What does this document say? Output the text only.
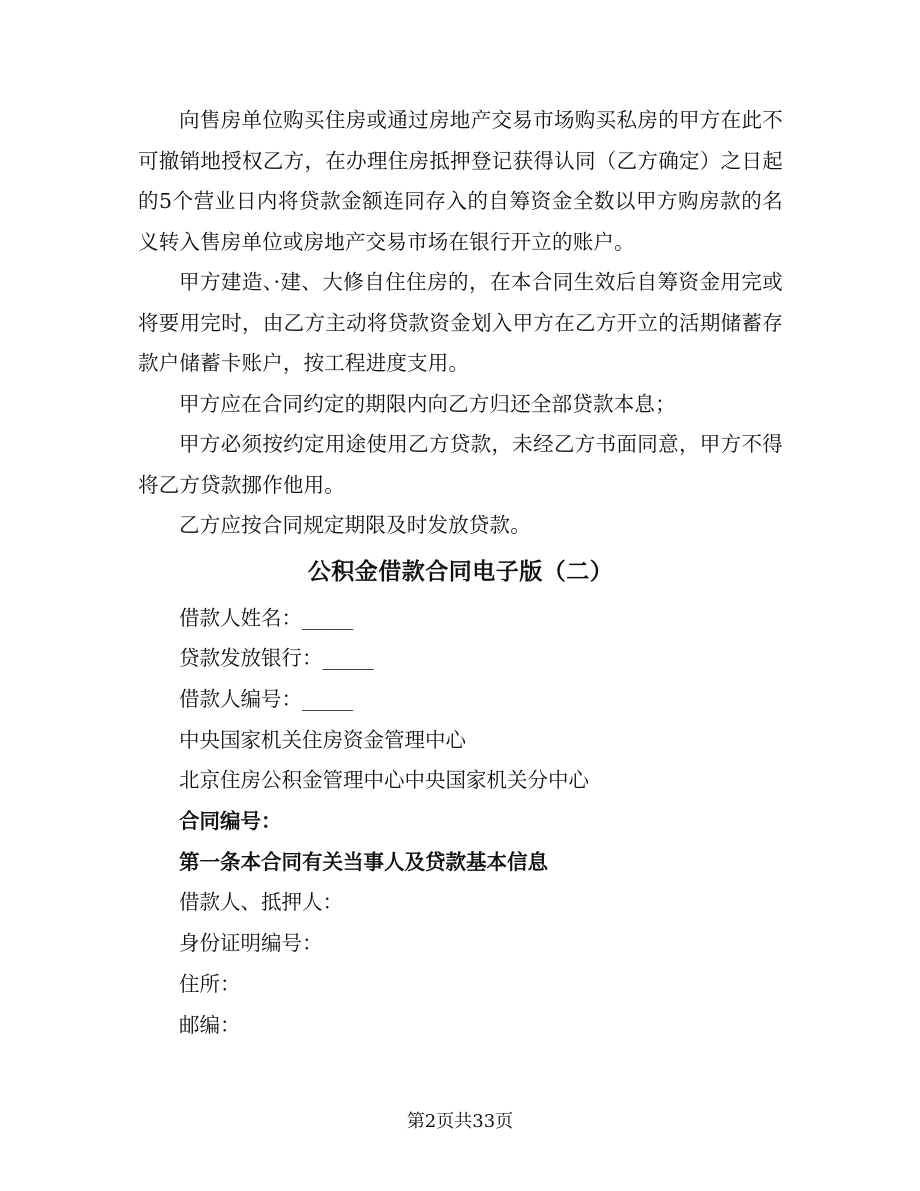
向售房单位购买住房或通过房地产交易市场购买私房的甲方在此不可撤销地授权乙方，在办理住房抵押登记获得认同（乙方确定）之日起的5个营业日内将贷款金额连同存入的自筹资金全数以甲方购房款的名义转入售房单位或房地产交易市场在银行开立的账户。

甲方建造、·建、大修自住住房的，在本合同生效后自筹资金用完或将要用完时，由乙方主动将贷款资金划入甲方在乙方开立的活期储蓄存款户储蓄卡账户，按工程进度支用。

甲方应在合同约定的期限内向乙方归还全部贷款本息；

甲方必须按约定用途使用乙方贷款，未经乙方书面同意，甲方不得将乙方贷款挪作他用。

乙方应按合同规定期限及时发放贷款。

公积金借款合同电子版（二）

借款人姓名：_____

贷款发放银行：_____

借款人编号：_____

中央国家机关住房资金管理中心

北京住房公积金管理中心中央国家机关分中心

合同编号：

第一条本合同有关当事人及贷款基本信息

借款人、抵押人：

身份证明编号：

住所：

邮编：

第2页共33页
